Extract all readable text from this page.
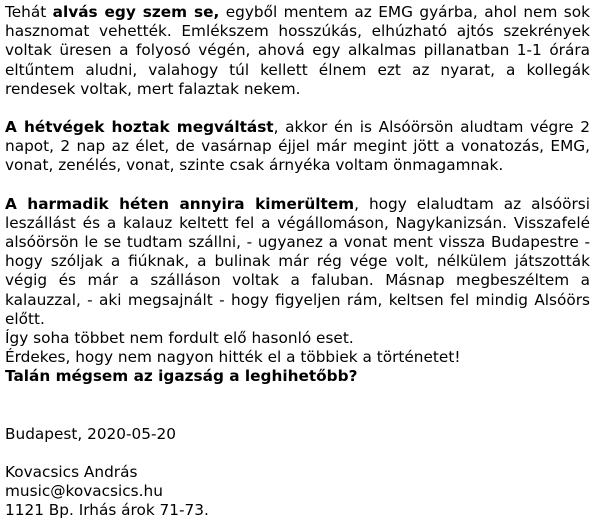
Tehát alvás egy szem se, egyből mentem az EMG gyárba, ahol nem sok hasznomat vehették. Emlékszem hosszúkás, elhúzható ajtós szekrények voltak üresen a folyosó végén, ahová egy alkalmas pillanatban 1-1 órára eltűntem aludni, valahogy túl kellett élnem ezt az nyarat, a kollegák rendesek voltak, mert falaztak nekem.

A hétvégek hoztak megváltást, akkor én is Alsóörsön aludtam végre 2 napot, 2 nap az élet, de vasárnap éjjel már megint jött a vonatozás, EMG, vonat, zenélés, vonat, szinte csak árnyéka voltam önmagamnak.

A harmadik héten annyira kimerültem, hogy elaludtam az alsóörsi leszállást és a kalauz keltett fel a végállomáson, Nagykanizsán. Visszafelé alsóörsön le se tudtam szállni, - ugyanez a vonat ment vissza Budapestre - hogy szóljak a fiúknak, a bulinak már rég vége volt, nélkülem játszották végig és már a szálláson voltak a faluban. Másnap megbeszéltem a kalauzzal, - aki megsajnált - hogy figyeljen rám, keltsen fel mindig Alsóörs előtt.

Így soha többet nem fordult elő hasonló eset.

Érdekes, hogy nem nagyon hitték el a többiek a történetet!

Talán mégsem az igazság a leghihetőbb?

Budapest, 2020-05-20

Kovacsics András

music@kovacsics.hu

1121 Bp. Irhás árok 71-73.
